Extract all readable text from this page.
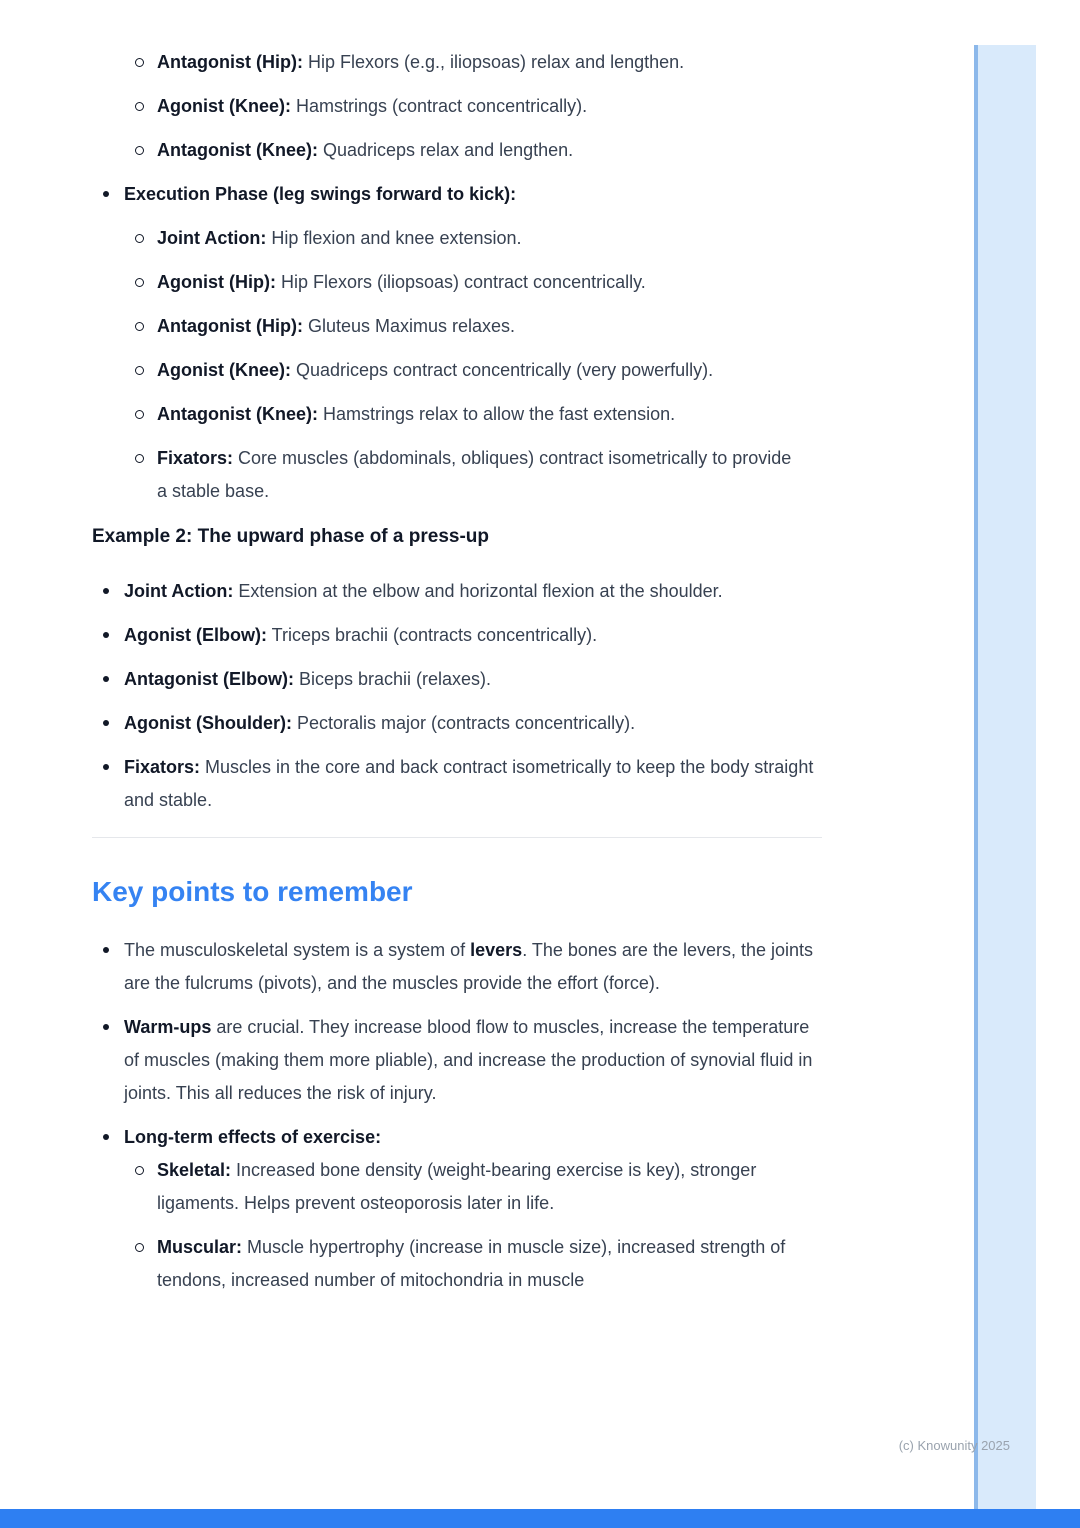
Antagonist (Hip): Hip Flexors (e.g., iliopsoas) relax and lengthen.

Agonist (Knee): Hamstrings (contract concentrically).

Antagonist (Knee): Quadriceps relax and lengthen.

Execution Phase (leg swings forward to kick):

Joint Action: Hip flexion and knee extension.

Agonist (Hip): Hip Flexors (iliopsoas) contract concentrically.

Antagonist (Hip): Gluteus Maximus relaxes.

Agonist (Knee): Quadriceps contract concentrically (very powerfully).

Antagonist (Knee): Hamstrings relax to allow the fast extension.

Fixators: Core muscles (abdominals, obliques) contract isometrically to provide a stable base.

Example 2: The upward phase of a press-up

Joint Action: Extension at the elbow and horizontal flexion at the shoulder.

Agonist (Elbow): Triceps brachii (contracts concentrically).

Antagonist (Elbow): Biceps brachii (relaxes).

Agonist (Shoulder): Pectoralis major (contracts concentrically).

Fixators: Muscles in the core and back contract isometrically to keep the body straight and stable.

Key points to remember

The musculoskeletal system is a system of levers. The bones are the levers, the joints are the fulcrums (pivots), and the muscles provide the effort (force).

Warm-ups are crucial. They increase blood flow to muscles, increase the temperature of muscles (making them more pliable), and increase the production of synovial fluid in joints. This all reduces the risk of injury.

Long-term effects of exercise:

Skeletal: Increased bone density (weight-bearing exercise is key), stronger ligaments. Helps prevent osteoporosis later in life.

Muscular: Muscle hypertrophy (increase in muscle size), increased strength of tendons, increased number of mitochondria in muscle

(c) Knowunity 2025
